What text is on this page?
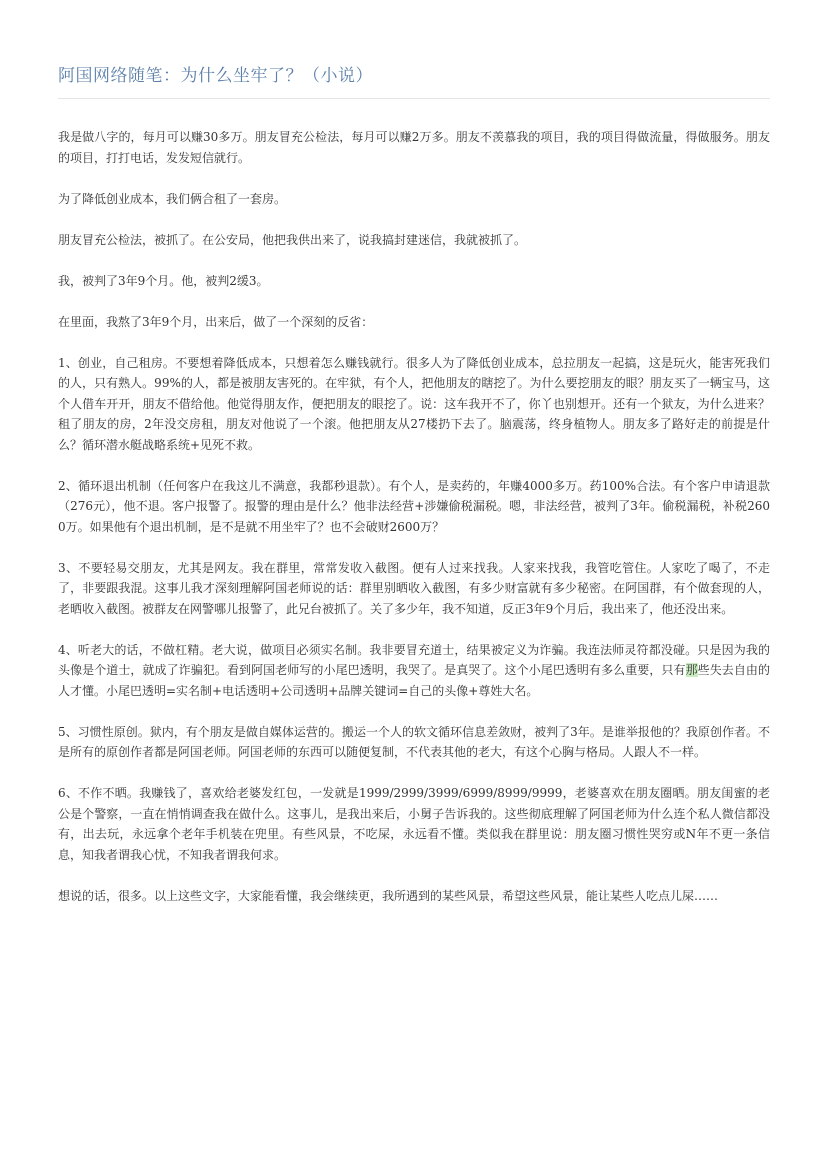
阿国网络随笔：为什么坐牢了？（小说）

我是做八字的，每月可以赚30多万。朋友冒充公检法，每月可以赚2万多。朋友不羡慕我的项目，我的项目得做流量，得做服务。朋友的项目，打打电话，发发短信就行。

为了降低创业成本，我们俩合租了一套房。

朋友冒充公检法，被抓了。在公安局，他把我供出来了，说我搞封建迷信，我就被抓了。

我，被判了3年9个月。他，被判2缓3。

在里面，我熬了3年9个月，出来后，做了一个深刻的反省：

1、创业，自己租房。不要想着降低成本，只想着怎么赚钱就行。很多人为了降低创业成本，总拉朋友一起搞，这是玩火，能害死我们的人，只有熟人。99%的人，都是被朋友害死的。在牢狱，有个人，把他朋友的瞎挖了。为什么要挖朋友的眼？朋友买了一辆宝马，这个人借车开开，朋友不借给他。他觉得朋友作，便把朋友的眼挖了。说：这车我开不了，你丫也别想开。还有一个狱友，为什么进来？租了朋友的房，2年没交房租，朋友对他说了一个滚。他把朋友从27楼扔下去了。脑震荡，终身植物人。朋友多了路好走的前提是什么？循环潜水艇战略系统+见死不救。

2、循环退出机制（任何客户在我这儿不满意，我都秒退款）。有个人，是卖药的，年赚4000多万。药100%合法。有个客户申请退款（276元），他不退。客户报警了。报警的理由是什么？他非法经营+涉嫌偷税漏税。嗯，非法经营，被判了3年。偷税漏税，补税2600万。如果他有个退出机制，是不是就不用坐牢了？也不会破财2600万？

3、不要轻易交朋友，尤其是网友。我在群里，常常发收入截图。便有人过来找我。人家来找我，我管吃管住。人家吃了喝了，不走了，非要跟我混。这事儿我才深刻理解阿国老师说的话：群里别晒收入截图，有多少财富就有多少秘密。在阿国群，有个做套现的人，老晒收入截图。被群友在网警哪儿报警了，此兄台被抓了。关了多少年，我不知道，反正3年9个月后，我出来了，他还没出来。

4、听老大的话，不做杠精。老大说，做项目必须实名制。我非要冒充道士，结果被定义为诈骗。我连法师灵符都没碰。只是因为我的头像是个道士，就成了诈骗犯。看到阿国老师写的小尾巴透明，我哭了。是真哭了。这个小尾巴透明有多么重要，只有那些失去自由的人才懂。小尾巴透明=实名制+电话透明+公司透明+品牌关键词=自己的头像+尊姓大名。

5、习惯性原创。狱内，有个朋友是做自媒体运营的。搬运一个人的软文循环信息差敛财，被判了3年。是谁举报他的？我原创作者。不是所有的原创作者都是阿国老师。阿国老师的东西可以随便复制，不代表其他的老大，有这个心胸与格局。人跟人不一样。

6、不作不晒。我赚钱了，喜欢给老婆发红包，一发就是1999/2999/3999/6999/8999/9999，老婆喜欢在朋友圈晒。朋友闺蜜的老公是个警察，一直在悄悄调查我在做什么。这事儿，是我出来后，小舅子告诉我的。这些彻底理解了阿国老师为什么连个私人微信都没有，出去玩，永远拿个老年手机装在兜里。有些风景，不吃屎，永远看不懂。类似我在群里说：朋友圈习惯性哭穷或N年不更一条信息，知我者谓我心忧，不知我者谓我何求。

想说的话，很多。以上这些文字，大家能看懂，我会继续更，我所遇到的某些风景，希望这些风景，能让某些人吃点儿屎……
